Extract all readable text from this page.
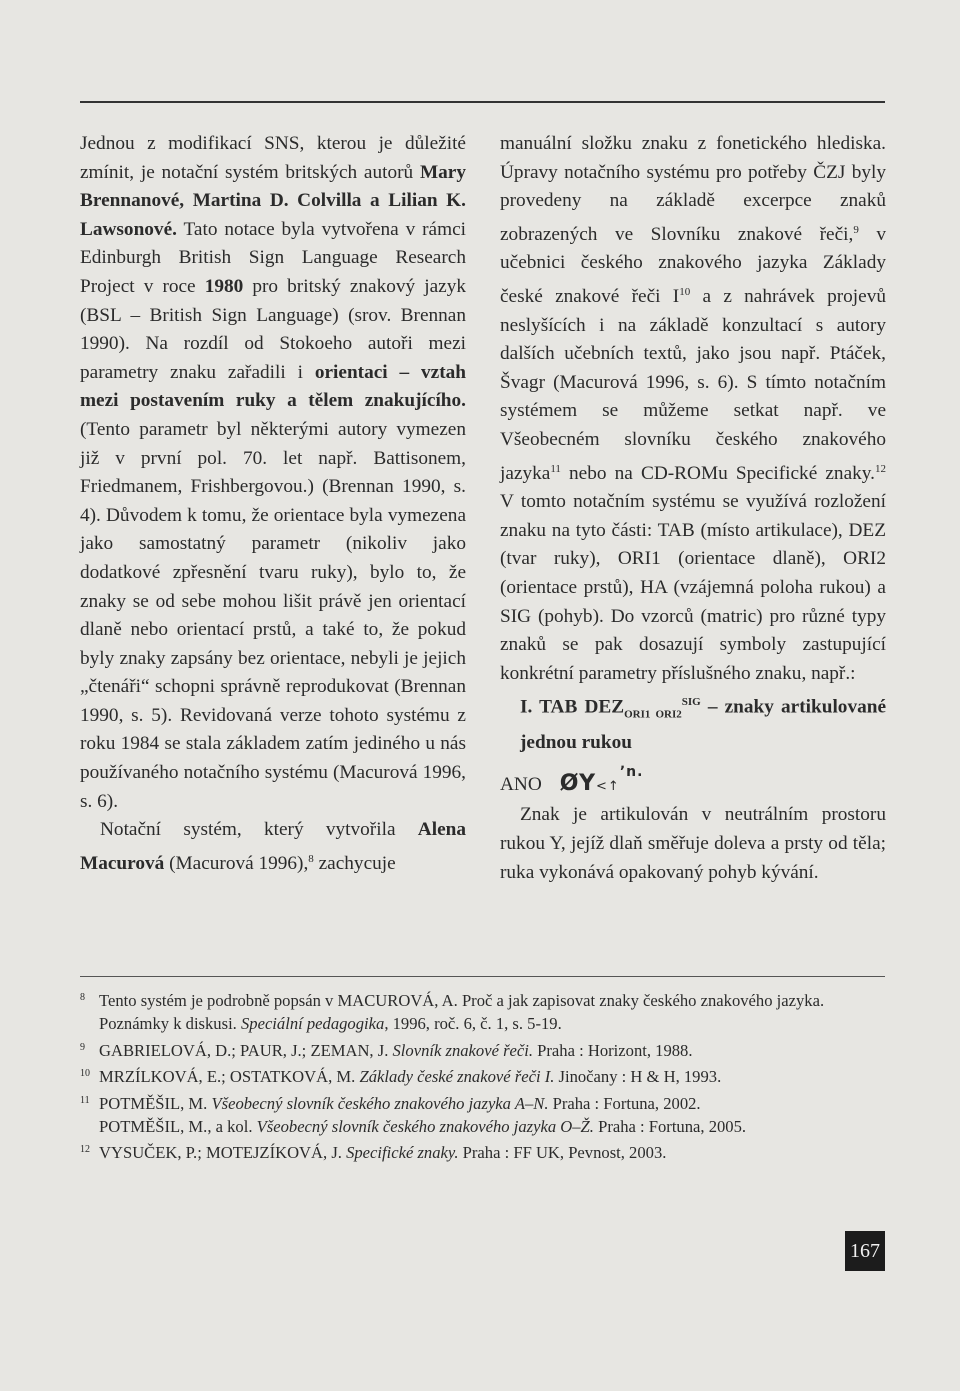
Jednou z modifikací SNS, kterou je důležité zmínit, je notační systém britských autorů Mary Brennanové, Martina D. Colvilla a Lilian K. Lawsonové. Tato notace byla vytvořena v rámci Edinburgh British Sign Language Research Project v roce 1980 pro britský znakový jazyk (BSL – British Sign Language) (srov. Brennan 1990). Na rozdíl od Stokoeho autoři mezi parametry znaku zařadili i orientaci – vztah mezi postavením ruky a tělem znakujícího. (Tento parametr byl některými autory vymezen již v první pol. 70. let např. Battisonem, Friedmanem, Frishbergovou.) (Brennan 1990, s. 4). Důvodem k tomu, že orientace byla vymezena jako samostatný parametr (nikoliv jako dodatkové zpřesnění tvaru ruky), bylo to, že znaky se od sebe mohou lišit právě jen orientací dlaně nebo orientací prstů, a také to, že pokud byly znaky zapsány bez orientace, nebyli je jejich „čtenáři“ schopni správně reprodukovat (Brennan 1990, s. 5). Revidovaná verze tohoto systému z roku 1984 se stala základem zatím jediného u nás používaného notačního systému (Macurová 1996, s. 6).

Notační systém, který vytvořila Alena Macurová (Macurová 1996),$^8$ zachycuje

manuální složku znaku z fonetického hlediska. Úpravy notačního systému pro potřeby ČZJ byly provedeny na základě excerpce znaků zobrazených ve Slovníku znakové řeči,$^9$ v učebnici českého znakového jazyka Základy české znakové řeči $I^{10}$ a z nahrávek projevů neslyšících i na základě konzultací s autory dalších učebních textů, jako jsou např. Ptáček, Švagr (Macurová 1996, s. 6). S tímto notačním systémem se můžeme setkat např. ve Všeobecném slovníku českého znakového jazyka$^{11}$ nebo na CD-ROMu Specifické znaky.$^{12}$ V tomto notačním systému se využívá rozložení znaku na tyto části: TAB (místo artikulace), DEZ (tvar ruky), ORI1 (orientace dlaně), ORI2 (orientace prstů), HA (vzájemná poloha rukou) a SIG (pohyb). Do vzorců (matric) pro různé typy znaků se pak dosazují symboly zastupující konkrétní parametry příslušného znaku, např.:

I. TAB $DEZ_{ORI1 ORI2}^{SIG}$ – znaky artikulované jednou rukou

ANO ØY<↑$^{ʼn.}$

Znak je artikulován v neutrálním prostoru rukou Y, jejíž dlaň směřuje doleva a prsty od těla; ruka vykonává opakovaný pohyb kývání.

$^8$ Tento systém je podrobně popsán v MACUROVÁ, A. Proč a jak zapisovat znaky českého znakového jazyka. Poznámky k diskusi. Speciální pedagogika, 1996, roč. 6, č. 1, s. 5-19.

$^9$ GABRIELOVÁ, D.; PAUR, J.; ZEMAN, J. Slovník znakové řeči. Praha : Horizont, 1988.

$^{10}$ MRZÍLKOVÁ, E.; OSTATKOVÁ, M. Základy české znakové řeči I. Jinočany : H & H, 1993.

$^{11}$ POTMĚŠIL, M. Všeobecný slovník českého znakového jazyka A–N. Praha : Fortuna, 2002.

POTMĚŠIL, M., a kol. Všeobecný slovník českého znakového jazyka O–Ž. Praha : Fortuna, 2005.

$^{12}$ VYSUČEK, P.; MOTEJZÍKOVÁ, J. Specifické znaky. Praha : FF UK, Pevnost, 2003.

167
